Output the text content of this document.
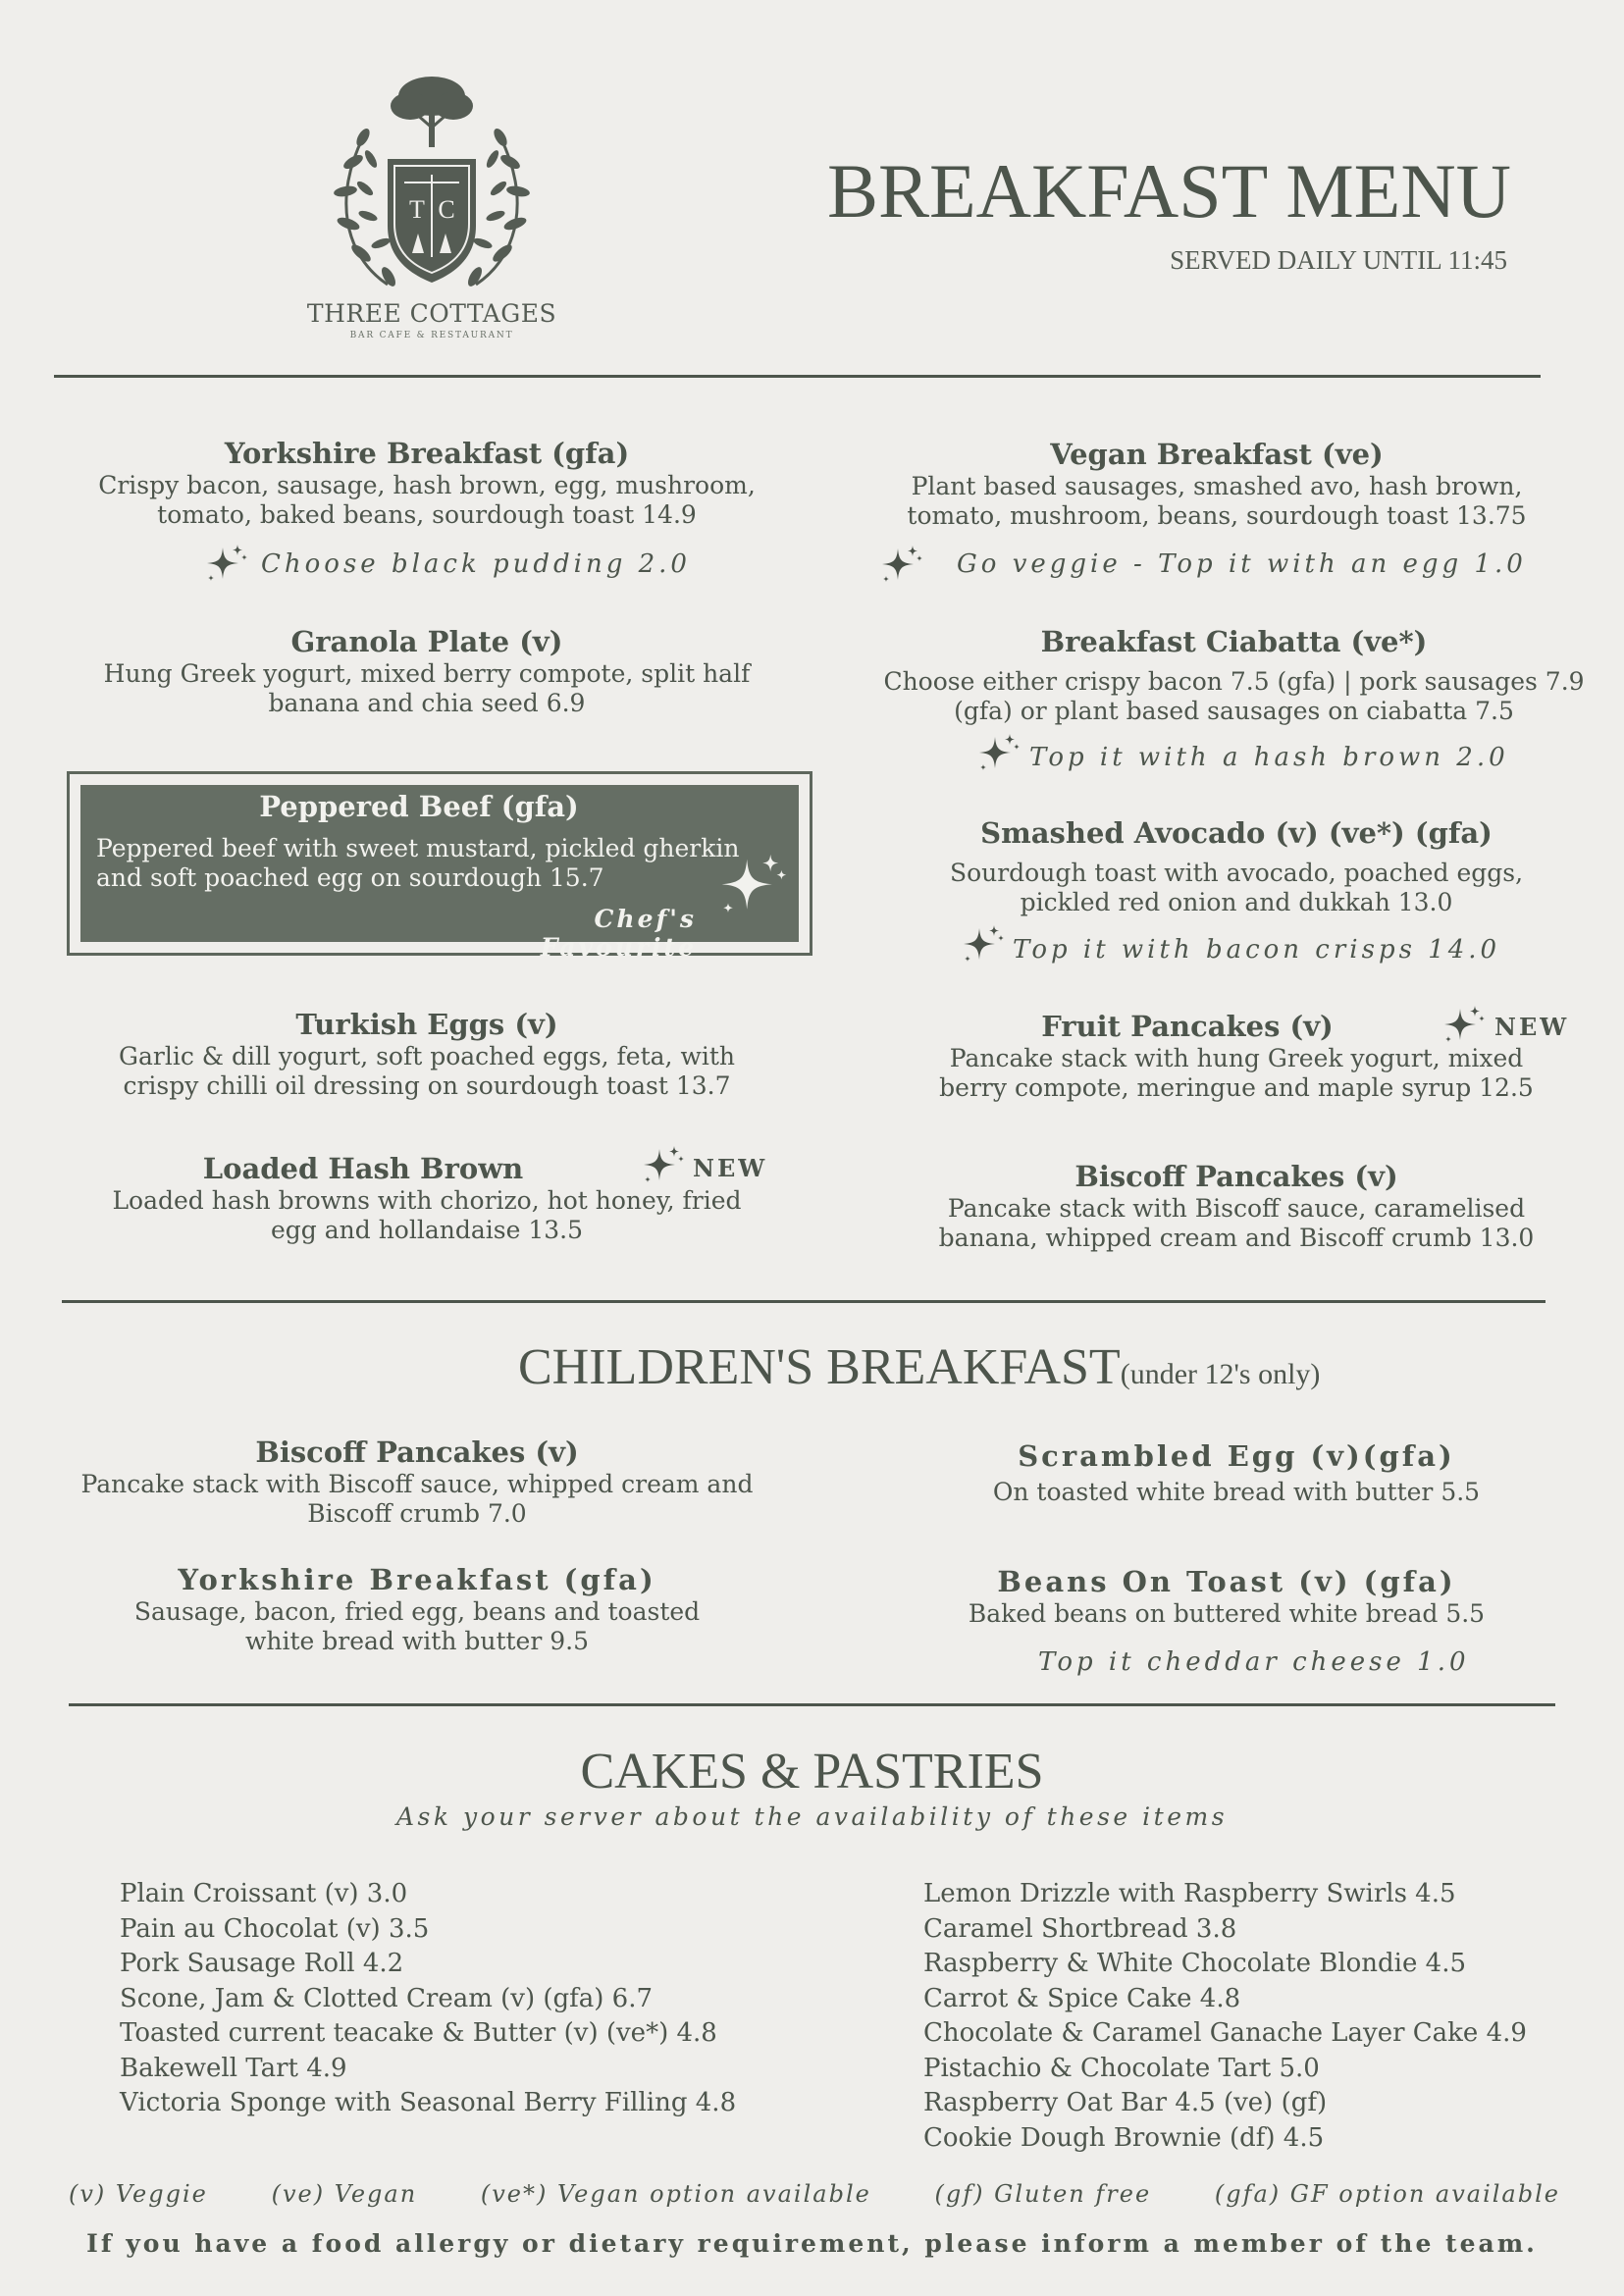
T C
THREE COTTAGES
BAR CAFE & RESTAURANT
BREAKFAST MENU
SERVED DAILY UNTIL 11:45
Yorkshire Breakfast (gfa)
Crispy bacon, sausage, hash brown, egg, mushroom, tomato, baked beans, sourdough toast 14.9
Choose black pudding 2.0
Granola Plate (v)
Hung Greek yogurt, mixed berry compote, split half banana and chia seed 6.9
Peppered Beef (gfa)
Peppered beef with sweet mustard, pickled gherkin and soft poached egg on sourdough 15.7
Chef's Favourite
Turkish Eggs (v)
Garlic & dill yogurt, soft poached eggs, feta, with crispy chilli oil dressing on sourdough toast 13.7
Loaded Hash Brown
Loaded hash browns with chorizo, hot honey, fried egg and hollandaise 13.5
NEW
Vegan Breakfast (ve)
Plant based sausages, smashed avo, hash brown, tomato, mushroom, beans, sourdough toast 13.75
Go veggie - Top it with an egg 1.0
Breakfast Ciabatta (ve*)
Choose either crispy bacon 7.5 (gfa) | pork sausages 7.9 (gfa) or plant based sausages on ciabatta 7.5
Top it with a hash brown 2.0
Smashed Avocado (v) (ve*) (gfa)
Sourdough toast with avocado, poached eggs, pickled red onion and dukkah 13.0
Top it with bacon crisps 14.0
Fruit Pancakes (v)
Pancake stack with hung Greek yogurt, mixed berry compote, meringue and maple syrup 12.5
NEW
Biscoff Pancakes (v)
Pancake stack with Biscoff sauce, caramelised banana, whipped cream and Biscoff crumb 13.0
CHILDREN'S BREAKFAST(under 12's only)
Biscoff Pancakes (v)
Pancake stack with Biscoff sauce, whipped cream and Biscoff crumb 7.0
Yorkshire Breakfast (gfa)
Sausage, bacon, fried egg, beans and toasted white bread with butter 9.5
Scrambled Egg (v)(gfa)
On toasted white bread with butter 5.5
Beans On Toast (v) (gfa)
Baked beans on buttered white bread 5.5
Top it cheddar cheese 1.0
CAKES & PASTRIES
Ask your server about the availability of these items
Plain Croissant (v) 3.0
Pain au Chocolat (v) 3.5
Pork Sausage Roll 4.2
Scone, Jam & Clotted Cream (v) (gfa) 6.7
Toasted current teacake & Butter (v) (ve*) 4.8
Bakewell Tart 4.9
Victoria Sponge with Seasonal Berry Filling 4.8
Lemon Drizzle with Raspberry Swirls 4.5
Caramel Shortbread 3.8
Raspberry & White Chocolate Blondie 4.5
Carrot & Spice Cake 4.8
Chocolate & Caramel Ganache Layer Cake 4.9
Pistachio & Chocolate Tart 5.0
Raspberry Oat Bar 4.5 (ve) (gf)
Cookie Dough Brownie (df) 4.5
(v) Veggie	(ve) Vegan	(ve*) Vegan option available	(gf) Gluten free	(gfa) GF option available
If you have a food allergy or dietary requirement, please inform a member of the team.
